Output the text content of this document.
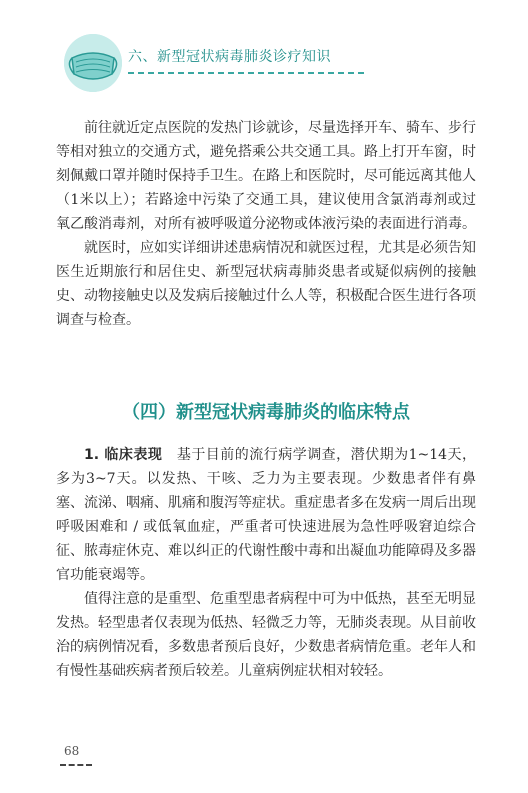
六、新型冠状病毒肺炎诊疗知识

前往就近定点医院的发热门诊就诊，尽量选择开车、骑车、步行等相对独立的交通方式，避免搭乘公共交通工具。路上打开车窗，时刻佩戴口罩并随时保持手卫生。在路上和医院时，尽可能远离其他人（1米以上）；若路途中污染了交通工具，建议使用含氯消毒剂或过氧乙酸消毒剂，对所有被呼吸道分泌物或体液污染的表面进行消毒。

就医时，应如实详细讲述患病情况和就医过程，尤其是必须告知医生近期旅行和居住史、新型冠状病毒肺炎患者或疑似病例的接触史、动物接触史以及发病后接触过什么人等，积极配合医生进行各项调查与检查。

（四）新型冠状病毒肺炎的临床特点

1. 临床表现  基于目前的流行病学调查，潜伏期为1~14天，多为3~7天。以发热、干咳、乏力为主要表现。少数患者伴有鼻塞、流涕、咽痛、肌痛和腹泻等症状。重症患者多在发病一周后出现呼吸困难和 / 或低氧血症，严重者可快速进展为急性呼吸窘迫综合征、脓毒症休克、难以纠正的代谢性酸中毒和出凝血功能障碍及多器官功能衰竭等。

值得注意的是重型、危重型患者病程中可为中低热，甚至无明显发热。轻型患者仅表现为低热、轻微乏力等，无肺炎表现。从目前收治的病例情况看，多数患者预后良好，少数患者病情危重。老年人和有慢性基础疾病者预后较差。儿童病例症状相对较轻。

68
